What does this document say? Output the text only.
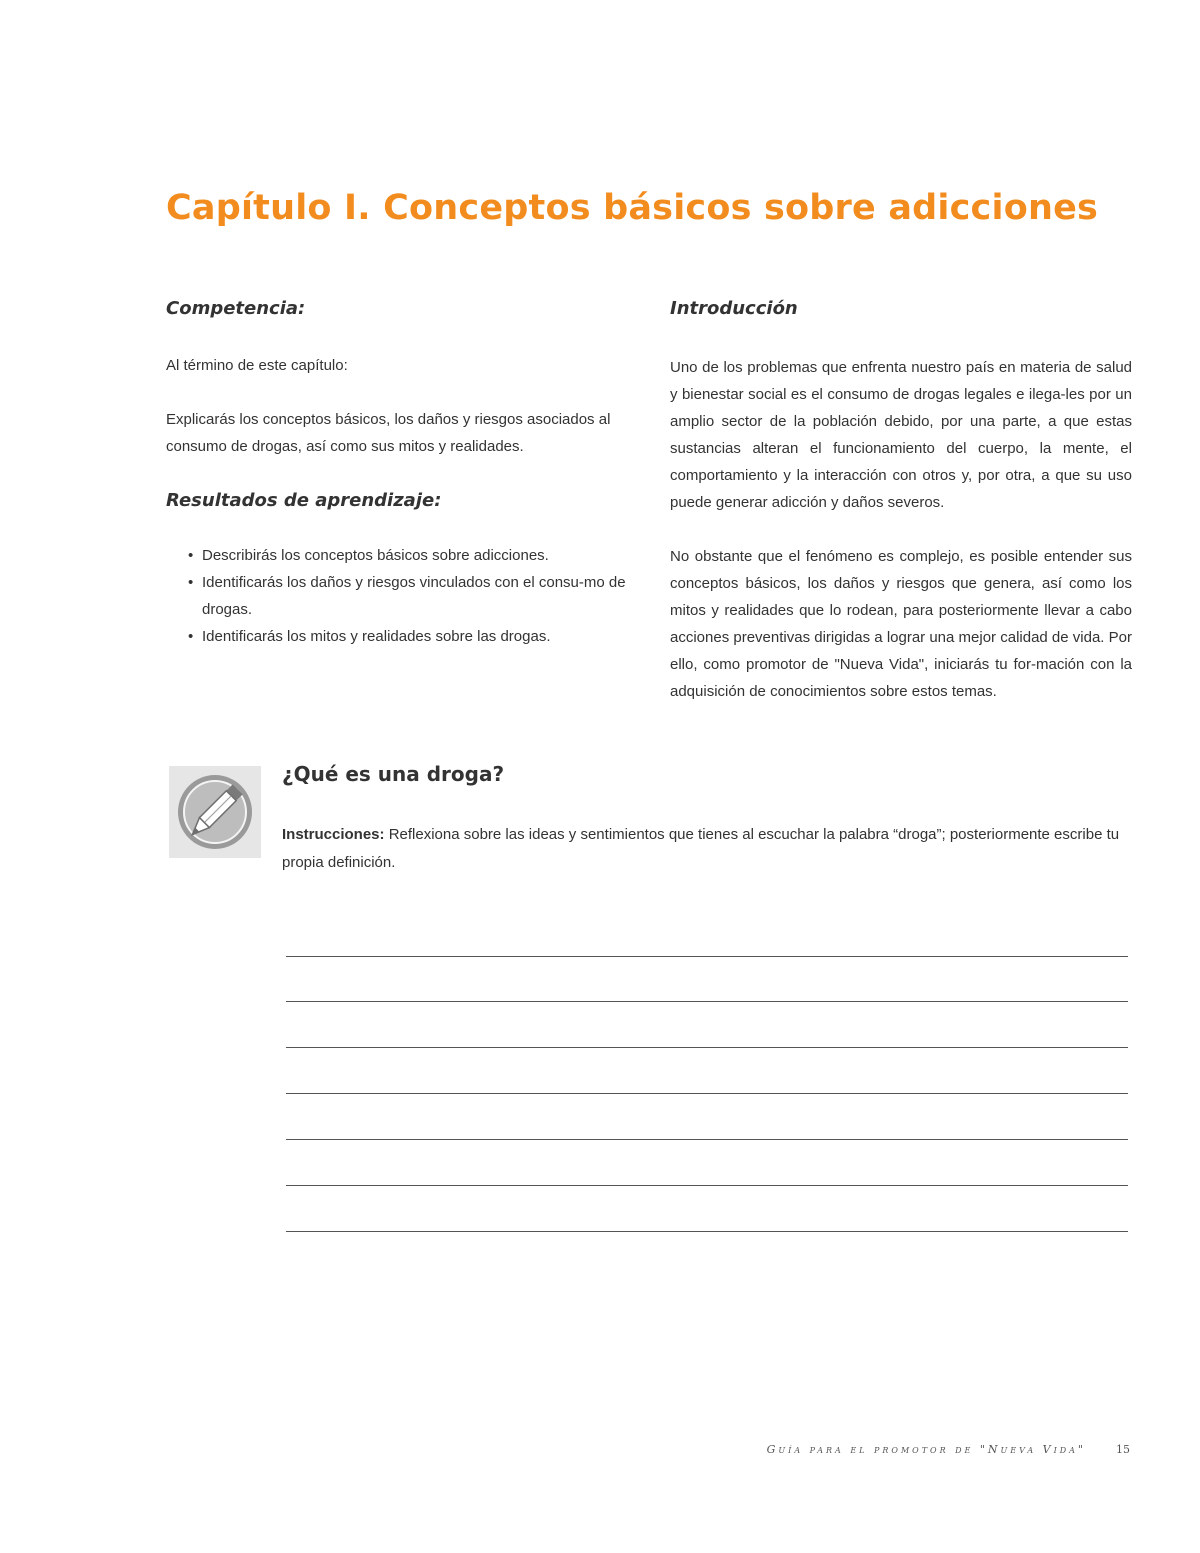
Capítulo I. Conceptos básicos sobre adicciones
Competencia:

Al término de este capítulo:

Explicarás los conceptos básicos, los daños y riesgos asociados al consumo de drogas, así como sus mitos y realidades.

Resultados de aprendizaje:
• Describirás los conceptos básicos sobre adicciones.
• Identificarás los daños y riesgos vinculados con el consu-mo de drogas.
• Identificarás los mitos y realidades sobre las drogas.
Introducción

Uno de los problemas que enfrenta nuestro país en materia de salud y bienestar social es el consumo de drogas legales e ilega-les por un amplio sector de la población debido, por una parte, a que estas sustancias alteran el funcionamiento del cuerpo, la mente, el comportamiento y la interacción con otros y, por otra, a que su uso puede generar adicción y daños severos.

No obstante que el fenómeno es complejo, es posible entender sus conceptos básicos, los daños y riesgos que genera, así como los mitos y realidades que lo rodean, para posteriormente llevar a cabo acciones preventivas dirigidas a lograr una mejor calidad de vida. Por ello, como promotor de "Nueva Vida", iniciarás tu for-mación con la adquisición de conocimientos sobre estos temas.

¿Qué es una droga?

Instrucciones: Reflexiona sobre las ideas y sentimientos que tienes al escuchar la palabra “droga”; posteriormente escribe tu propia definición.

Guía para el promotor de "Nueva Vida"	15
